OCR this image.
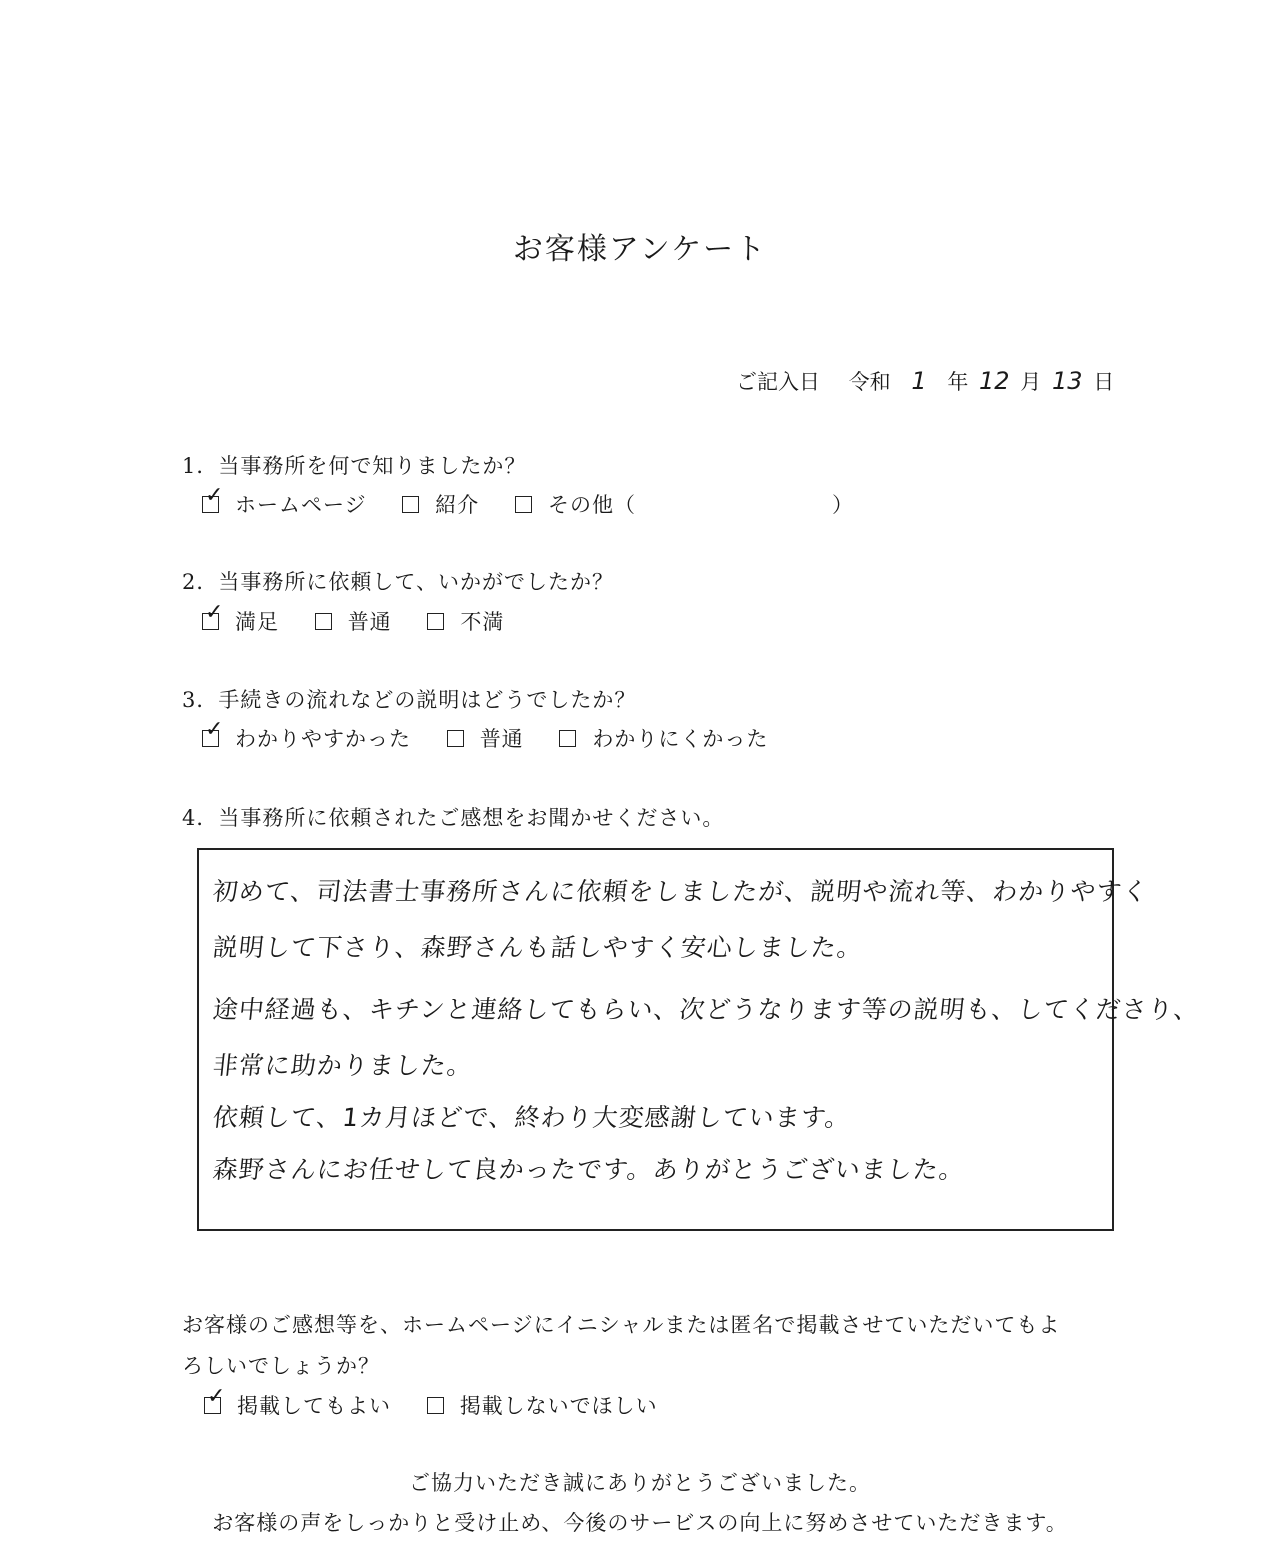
お客様アンケート
ご記入日 令和 1 年 12 月 13 日
1．当事務所を何で知りましたか？
✓ ホームページ	紹介	その他（	）
2．当事務所に依頼して、いかがでしたか？
✓ 満足	普通	不満
3．手続きの流れなどの説明はどうでしたか？
✓ わかりやすかった	普通	わかりにくかった
4．当事務所に依頼されたご感想をお聞かせください。
初めて、司法書士事務所さんに依頼をしましたが、説明や流れ等、わかりやすく
説明して下さり、森野さんも話しやすく安心しました。
途中経過も、キチンと連絡してもらい、次どうなります等の説明も、してくださり、
非常に助かりました。
依頼して、1カ月ほどで、終わり大変感謝しています。
森野さんにお任せして良かったです。ありがとうございました。
お客様のご感想等を、ホームページにイニシャルまたは匿名で掲載させていただいてもよ
ろしいでしょうか？
✓ 掲載してもよい	掲載しないでほしい
ご協力いただき誠にありがとうございました。
お客様の声をしっかりと受け止め、今後のサービスの向上に努めさせていただきます。
